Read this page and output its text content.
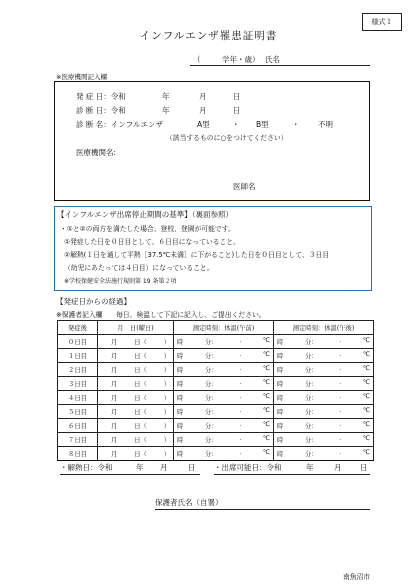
様式１
インフルエンザ罹患証明書
（	学年・歳） 氏名
※医療機関記入欄
発 症 日：令和	年	月	日
診 断 日：令和	年	月	日
診 断 名：インフルエンザ	A型	・ B型	・ 不明
（該当するものに○をつけてください）
医療機関名:
医師名
【インフルエンザ出席停止期間の基準】（裏面参照）
・①と②の両方を満たした場合、登校、登園が可能です。
①発症した日を０日目として、６日目になっていること。
②解熱(１日を通して平熱［37.5℃未満］に下がること)した日を０日目として、３日目
（幼児にあたっては４日目）になっていること。
※学校保健安全法施行規則第 19 条第２項
【発症日からの経過】
※保護者記入欄　　毎日、検温して下記に記入し、ご提出ください。
発症後	月　日(曜日)	測定時刻：体温(午前)	測定時刻：体温(午後)
０日目	月 日（ ）	時 分： . ℃	時 分： . ℃

１日目	月 日（ ）	時 分： . ℃	時 分： . ℃

２日目	月 日（ ）	時 分： . ℃	時 分： . ℃

３日目	月 日（ ）	時 分： . ℃	時 分： . ℃

４日目	月 日（ ）	時 分： . ℃	時 分： . ℃

５日目	月 日（ ）	時 分： . ℃	時 分： . ℃

６日目	月 日（ ）	時 分： . ℃	時 分： . ℃

７日目	月 日（ ）	時 分： . ℃	時 分： . ℃

８日目	月 日（ ）	時 分： . ℃	時 分： . ℃
・解熱日：令和	年 月	日 ・出席可能日：令和	年	月 日
保護者氏名（自署）
南魚沼市
